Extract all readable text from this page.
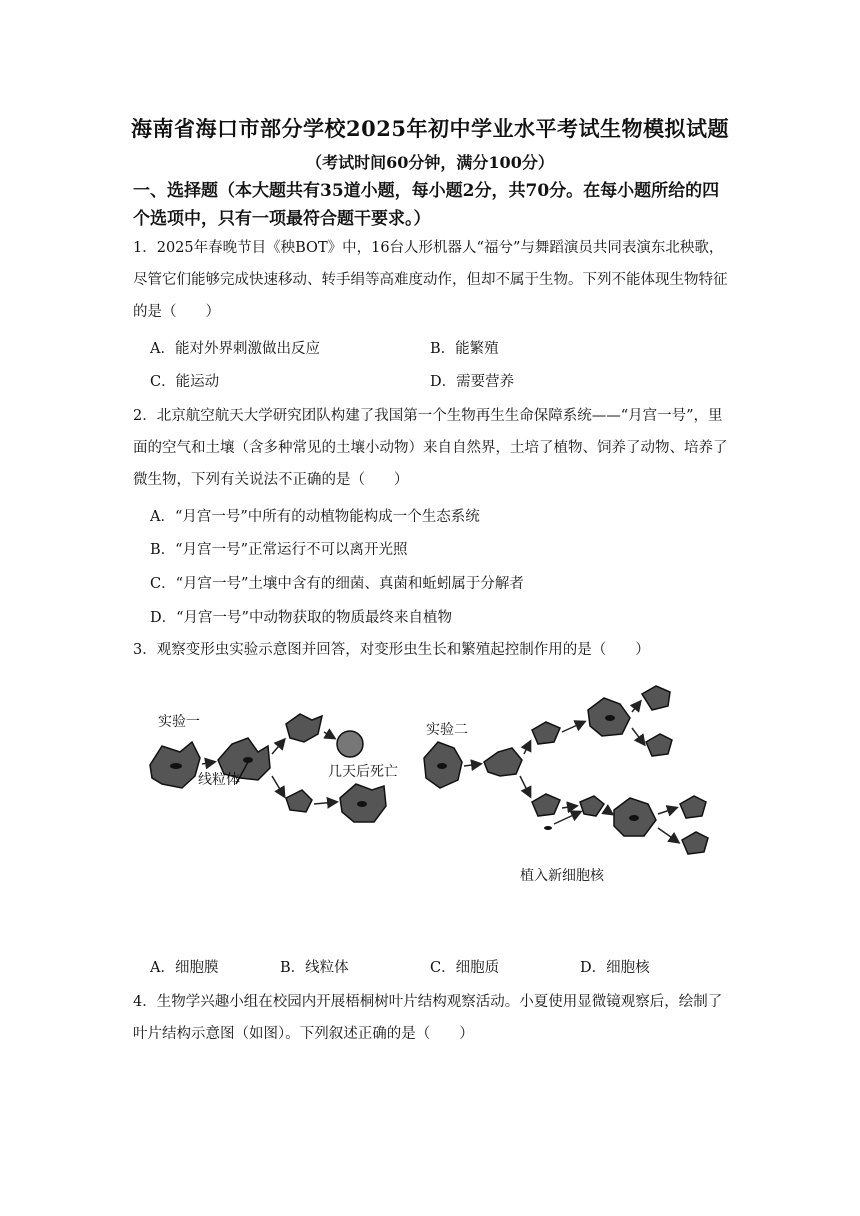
海南省海口市部分学校2025年初中学业水平考试生物模拟试题
（考试时间60分钟，满分100分）
一、选择题（本大题共有35道小题，每小题2分，共70分。在每小题所给的四个选项中，只有一项最符合题干要求。）
1．2025年春晚节目《秧BOT》中，16台人形机器人“福兮”与舞蹈演员共同表演东北秧歌，尽管它们能够完成快速移动、转手绢等高难度动作，但却不属于生物。下列不能体现生物特征的是（　　）
A．能对外界刺激做出反应	B．能繁殖
C．能运动	D．需要营养
2．北京航空航天大学研究团队构建了我国第一个生物再生生命保障系统——“月宫一号”，里面的空气和土壤（含多种常见的土壤小动物）来自自然界，土培了植物、饲养了动物、培养了微生物，下列有关说法不正确的是（　　）
A．“月宫一号”中所有的动植物能构成一个生态系统
B．“月宫一号”正常运行不可以离开光照
C．“月宫一号”土壤中含有的细菌、真菌和蚯蚓属于分解者
D．“月宫一号”中动物获取的物质最终来自植物
3．观察变形虫实验示意图并回答，对变形虫生长和繁殖起控制作用的是（　　）
实验一
线粒体	几天后死亡
实验二
植入新细胞核
A．细胞膜	B．线粒体	C．细胞质	D．细胞核
4．生物学兴趣小组在校园内开展梧桐树叶片结构观察活动。小夏使用显微镜观察后，绘制了叶片结构示意图（如图）。下列叙述正确的是（　　）
